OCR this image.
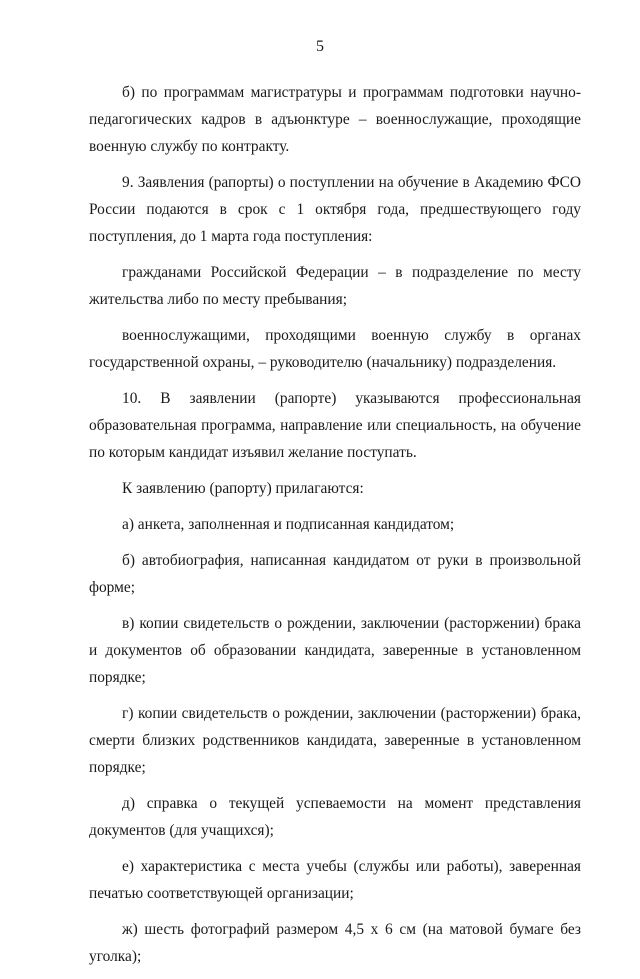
5

б) по программам магистратуры и программам подготовки научно-педагогических кадров в адъюнктуре – военнослужащие, проходящие военную службу по контракту.

9. Заявления (рапорты) о поступлении на обучение в Академию ФСО России подаются в срок с 1 октября года, предшествующего году поступления, до 1 марта года поступления:

гражданами Российской Федерации – в подразделение по месту жительства либо по месту пребывания;

военнослужащими, проходящими военную службу в органах государственной охраны, – руководителю (начальнику) подразделения.

10. В заявлении (рапорте) указываются профессиональная образовательная программа, направление или специальность, на обучение по которым кандидат изъявил желание поступать.

К заявлению (рапорту) прилагаются:

а) анкета, заполненная и подписанная кандидатом;

б) автобиография, написанная кандидатом от руки в произвольной форме;

в) копии свидетельств о рождении, заключении (расторжении) брака и документов об образовании кандидата, заверенные в установленном порядке;

г) копии свидетельств о рождении, заключении (расторжении) брака, смерти близких родственников кандидата, заверенные в установленном порядке;

д) справка о текущей успеваемости на момент представления документов (для учащихся);

е) характеристика с места учебы (службы или работы), заверенная печатью соответствующей организации;

ж) шесть фотографий размером 4,5 x 6 см (на матовой бумаге без уголка);
